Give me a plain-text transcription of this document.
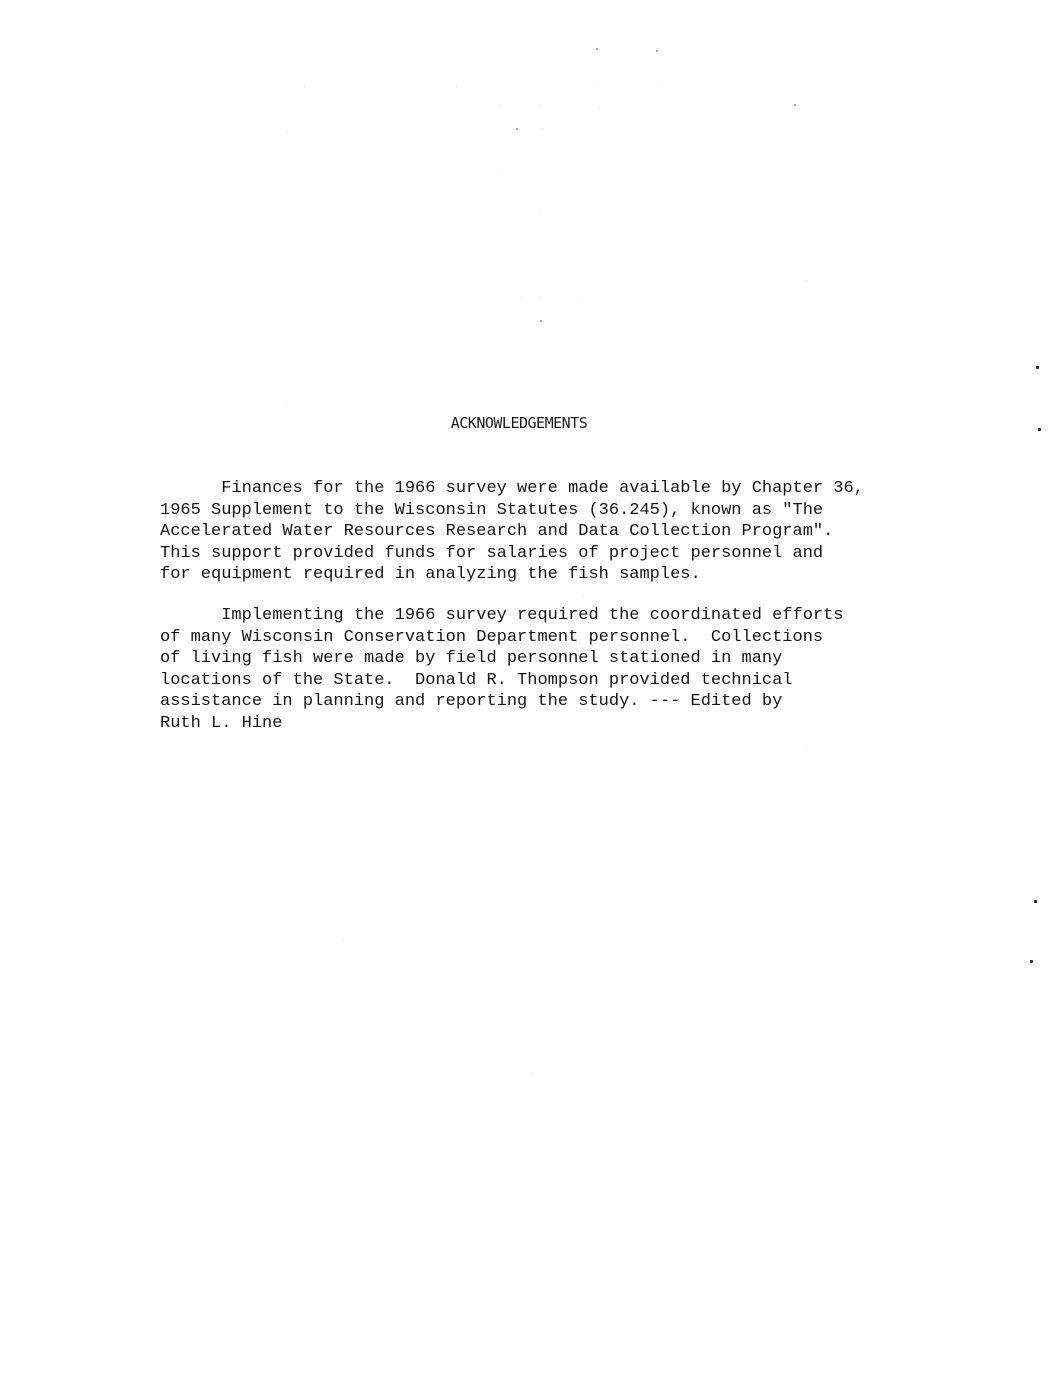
ACKNOWLEDGEMENTS

Finances for the 1966 survey were made available by Chapter 36,
1965 Supplement to the Wisconsin Statutes (36.245), known as "The
Accelerated Water Resources Research and Data Collection Program".
This support provided funds for salaries of project personnel and
for equipment required in analyzing the fish samples.

Implementing the 1966 survey required the coordinated efforts
of many Wisconsin Conservation Department personnel.  Collections
of living fish were made by field personnel stationed in many
locations of the State.  Donald R. Thompson provided technical
assistance in planning and reporting the study. --- Edited by
Ruth L. Hine
